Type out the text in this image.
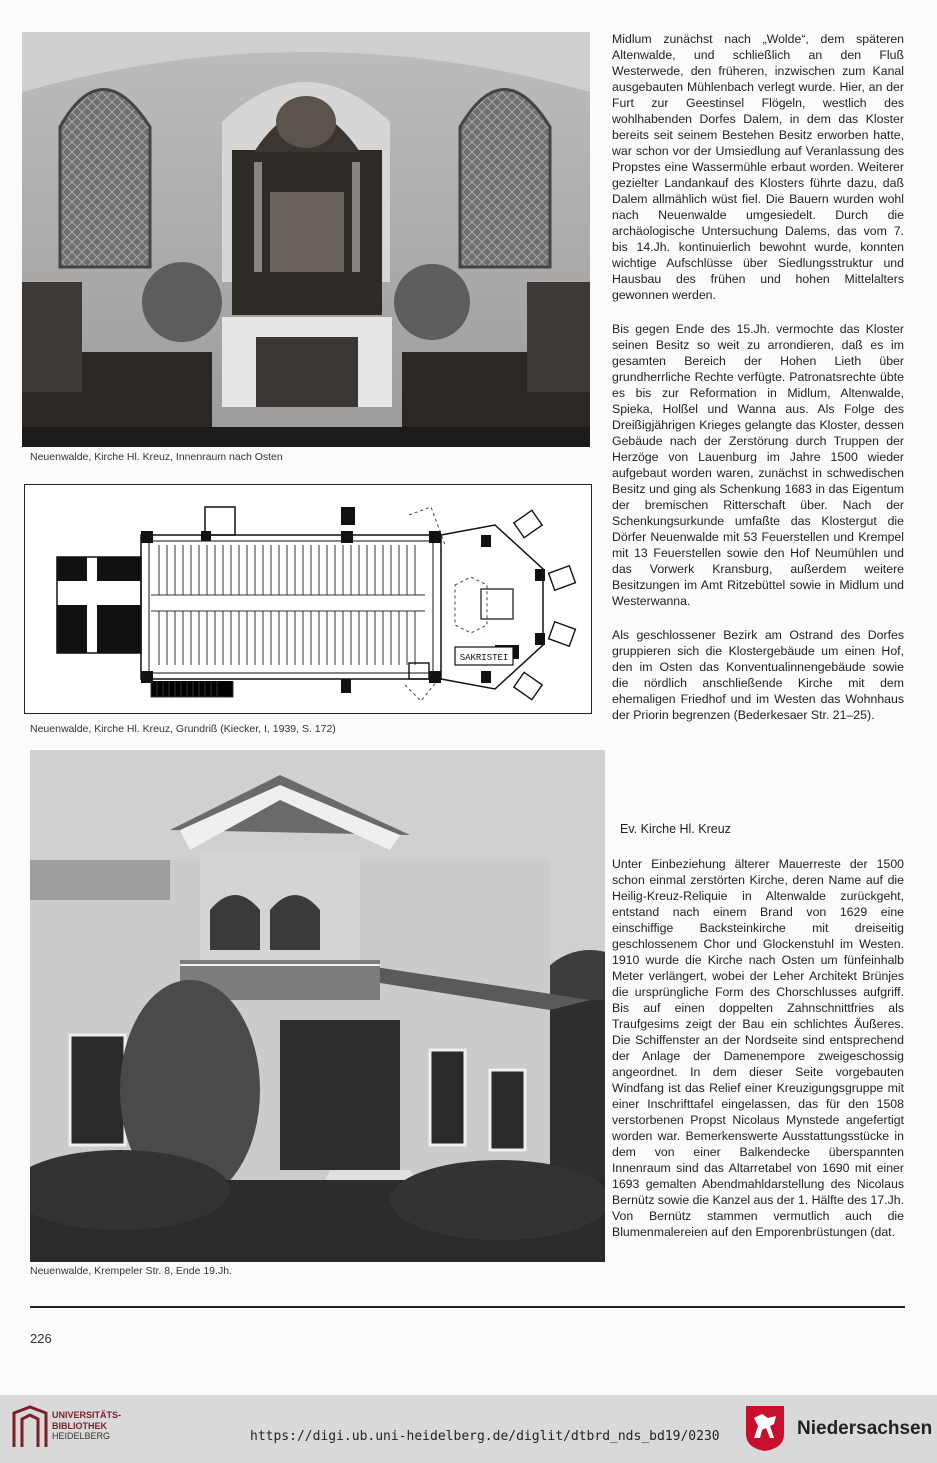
Neuenwalde, Kirche Hl. Kreuz, Innenraum nach Osten
SAKRISTEI
Neuenwalde, Kirche Hl. Kreuz, Grundriß (Kiecker, I, 1939, S. 172)
Neuenwalde, Krempeler Str. 8, Ende 19.Jh.

Midlum zunächst nach „Wolde“, dem späteren Altenwalde, und schließlich an den Fluß Westerwede, den früheren, inzwischen zum Kanal ausgebauten Mühlenbach verlegt wurde. Hier, an der Furt zur Geestinsel Flögeln, westlich des wohlhabenden Dorfes Dalem, in dem das Kloster bereits seit seinem Bestehen Besitz erworben hatte, war schon vor der Umsiedlung auf Veranlassung des Propstes eine Wassermühle erbaut worden. Weiterer gezielter Landankauf des Klosters führte dazu, daß Dalem allmählich wüst fiel. Die Bauern wurden wohl nach Neuenwalde umgesiedelt. Durch die archäologische Untersuchung Dalems, das vom 7. bis 14.Jh. kontinuierlich bewohnt wurde, konnten wichtige Aufschlüsse über Siedlungsstruktur und Hausbau des frühen und hohen Mittelalters gewonnen werden.

Bis gegen Ende des 15.Jh. vermochte das Kloster seinen Besitz so weit zu arrondieren, daß es im gesamten Bereich der Hohen Lieth über grundherrliche Rechte verfügte. Patronatsrechte übte es bis zur Reformation in Midlum, Altenwalde, Spieka, Holßel und Wanna aus. Als Folge des Dreißigjährigen Krieges gelangte das Kloster, dessen Gebäude nach der Zerstörung durch Truppen der Herzöge von Lauenburg im Jahre 1500 wieder aufgebaut worden waren, zunächst in schwedischen Besitz und ging als Schenkung 1683 in das Eigentum der bremischen Ritterschaft über. Nach der Schenkungsurkunde umfaßte das Klostergut die Dörfer Neuenwalde mit 53 Feuerstellen und Krempel mit 13 Feuerstellen sowie den Hof Neumühlen und das Vorwerk Kransburg, außerdem weitere Besitzungen im Amt Ritzebüttel sowie in Midlum und Westerwanna.

Als geschlossener Bezirk am Ostrand des Dorfes gruppieren sich die Klostergebäude um einen Hof, den im Osten das Konventualinnengebäude sowie die nördlich anschließende Kirche mit dem ehemaligen Friedhof und im Westen das Wohnhaus der Priorin begrenzen (Bederkesaer Str. 21–25).

Ev. Kirche Hl. Kreuz

Unter Einbeziehung älterer Mauerreste der 1500 schon einmal zerstörten Kirche, deren Name auf die Heilig-Kreuz-Reliquie in Altenwalde zurückgeht, entstand nach einem Brand von 1629 eine einschiffige Backsteinkirche mit dreiseitig geschlossenem Chor und Glockenstuhl im Westen. 1910 wurde die Kirche nach Osten um fünfeinhalb Meter verlängert, wobei der Leher Architekt Brünjes die ursprüngliche Form des Chorschlusses aufgriff. Bis auf einen doppelten Zahnschnittfries als Traufgesims zeigt der Bau ein schlichtes Äußeres. Die Schiffenster an der Nordseite sind entsprechend der Anlage der Damenempore zweigeschossig angeordnet. In dem dieser Seite vorgebauten Windfang ist das Relief einer Kreuzigungsgruppe mit einer Inschrifttafel eingelassen, das für den 1508 verstorbenen Propst Nicolaus Mynstede angefertigt worden war. Bemerkenswerte Ausstattungsstücke in dem von einer Balkendecke überspannten Innenraum sind das Altarretabel von 1690 mit einer 1693 gemalten Abendmahldarstellung des Nicolaus Bernütz sowie die Kanzel aus der 1. Hälfte des 17.Jh. Von Bernütz stammen vermutlich auch die Blumenmalereien auf den Emporenbrüstungen (dat.

226
UNIVERSITÄTS-
BIBLIOTHEK
HEIDELBERG	https://digi.ub.uni-heidelberg.de/diglit/dtbrd_nds_bd19/0230	Niedersachsen
